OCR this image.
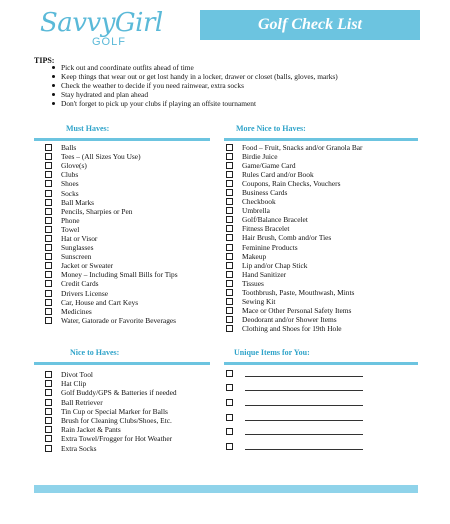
SavvyGirl
GOLF
Golf Check List
TIPS:
Pick out and coordinate outfits ahead of time
Keep things that wear out or get lost handy in a locker, drawer or closet (balls, gloves, marks)
Check the weather to decide if you need rainwear, extra socks
Stay hydrated and plan ahead
Don't forget to pick up your clubs if playing an offsite tournament
Must Haves:	More Nice to Haves:
Nice to Haves:	Unique Items for You:
Balls
Tees – (All Sizes You Use)
Glove(s)
Clubs
Shoes
Socks
Ball Marks
Pencils, Sharpies or Pen
Phone
Towel
Hat or Visor
Sunglasses
Sunscreen
Jacket or Sweater
Money – Including Small Bills for Tips
Credit Cards
Drivers License
Car, House and Cart Keys
Medicines
Water, Gatorade or Favorite Beverages
Food – Fruit, Snacks and/or Granola Bar
Birdie Juice
Game/Game Card
Rules Card and/or Book
Coupons, Rain Checks, Vouchers
Business Cards
Checkbook
Umbrella
Golf/Balance Bracelet
Fitness Bracelet
Hair Brush, Comb and/or Ties
Feminine Products
Makeup
Lip and/or Chap Stick
Hand Sanitizer
Tissues
Toothbrush, Paste, Mouthwash, Mints
Sewing Kit
Mace or Other Personal Safety Items
Deodorant and/or Shower Items
Clothing and Shoes for 19th Hole
Divot Tool
Hat Clip
Golf Buddy/GPS & Batteries if needed
Ball Retriever
Tin Cup or Special Marker for Balls
Brush for Cleaning Clubs/Shoes, Etc.
Rain Jacket & Pants
Extra Towel/Frogger for Hot Weather
Extra Socks
